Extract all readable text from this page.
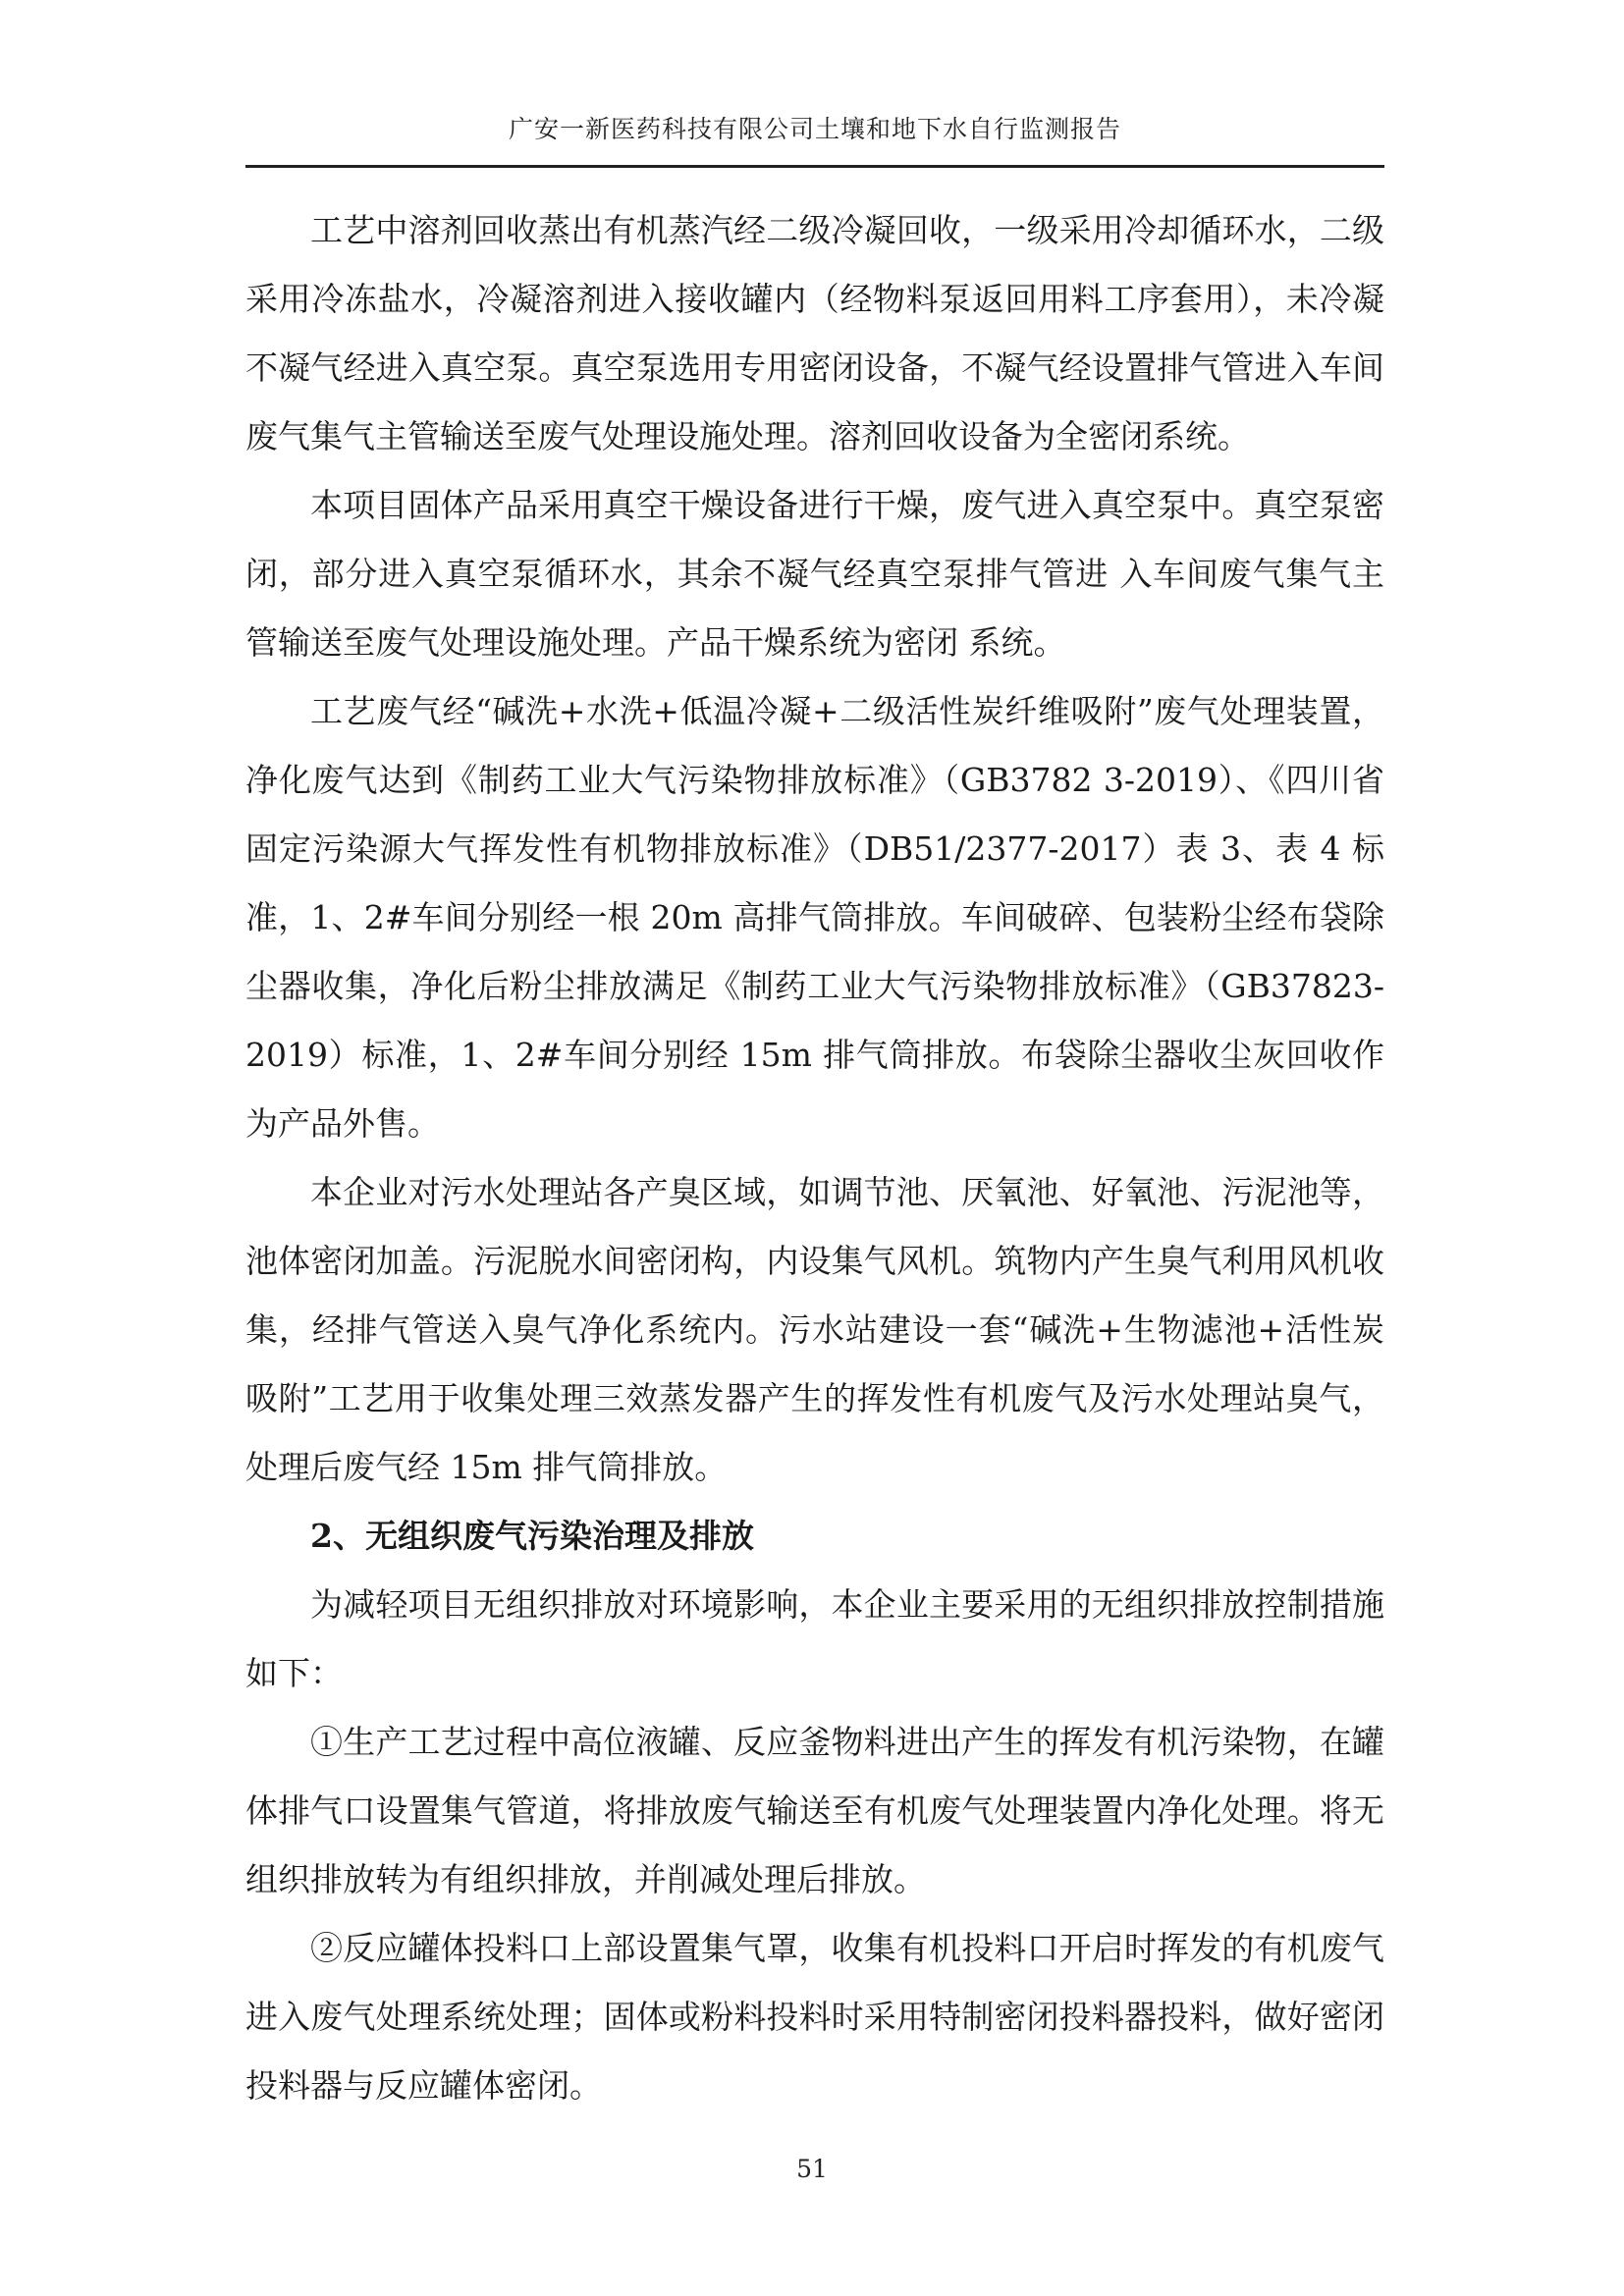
广安一新医药科技有限公司土壤和地下水自行监测报告

工艺中溶剂回收蒸出有机蒸汽经二级冷凝回收，一级采用冷却循环水，二级采用冷冻盐水，冷凝溶剂进入接收罐内（经物料泵返回用料工序套用），未冷凝不凝气经进入真空泵。真空泵选用专用密闭设备，不凝气经设置排气管进入车间废气集气主管输送至废气处理设施处理。溶剂回收设备为全密闭系统。

本项目固体产品采用真空干燥设备进行干燥，废气进入真空泵中。真空泵密闭，部分进入真空泵循环水，其余不凝气经真空泵排气管进 入车间废气集气主管输送至废气处理设施处理。产品干燥系统为密闭 系统。

工艺废气经“碱洗+水洗+低温冷凝+二级活性炭纤维吸附”废气处理装置，净化废气达到《制药工业大气污染物排放标准》（GB3782 3-2019）、《四川省固定污染源大气挥发性有机物排放标准》（DB51/2377-2017）表 3、表 4 标准，1、2#车间分别经一根 20m 高排气筒排放。车间破碎、包装粉尘经布袋除尘器收集，净化后粉尘排放满足《制药工业大气污染物排放标准》（GB37823-2019）标准，1、2#车间分别经 15m 排气筒排放。布袋除尘器收尘灰回收作为产品外售。

本企业对污水处理站各产臭区域，如调节池、厌氧池、好氧池、污泥池等，池体密闭加盖。污泥脱水间密闭构，内设集气风机。筑物内产生臭气利用风机收集，经排气管送入臭气净化系统内。污水站建设一套“碱洗+生物滤池+活性炭吸附”工艺用于收集处理三效蒸发器产生的挥发性有机废气及污水处理站臭气，处理后废气经 15m 排气筒排放。

2、无组织废气污染治理及排放

为减轻项目无组织排放对环境影响，本企业主要采用的无组织排放控制措施如下：

①生产工艺过程中高位液罐、反应釜物料进出产生的挥发有机污染物，在罐体排气口设置集气管道，将排放废气输送至有机废气处理装置内净化处理。将无组织排放转为有组织排放，并削减处理后排放。

②反应罐体投料口上部设置集气罩，收集有机投料口开启时挥发的有机废气进入废气处理系统处理；固体或粉料投料时采用特制密闭投料器投料，做好密闭投料器与反应罐体密闭。

51
